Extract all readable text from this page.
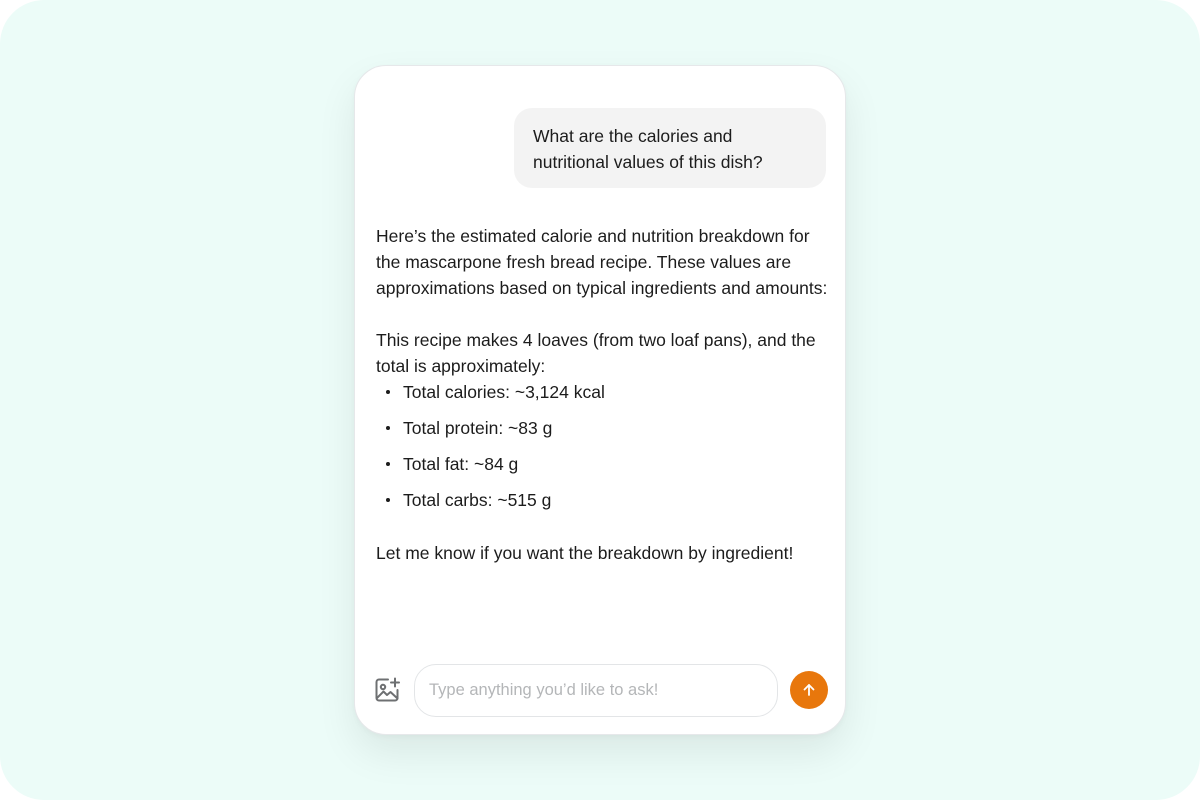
What are the calories and nutritional values of this dish?

Here’s the estimated calorie and nutrition breakdown for the mascarpone fresh bread recipe. These values are approximations based on typical ingredients and amounts:

This recipe makes 4 loaves (from two loaf pans), and the total is approximately:

Total calories: ~3,124 kcal
Total protein: ~83 g
Total fat: ~84 g
Total carbs: ~515 g

Let me know if you want the breakdown by ingredient!

Type anything you’d like to ask!
